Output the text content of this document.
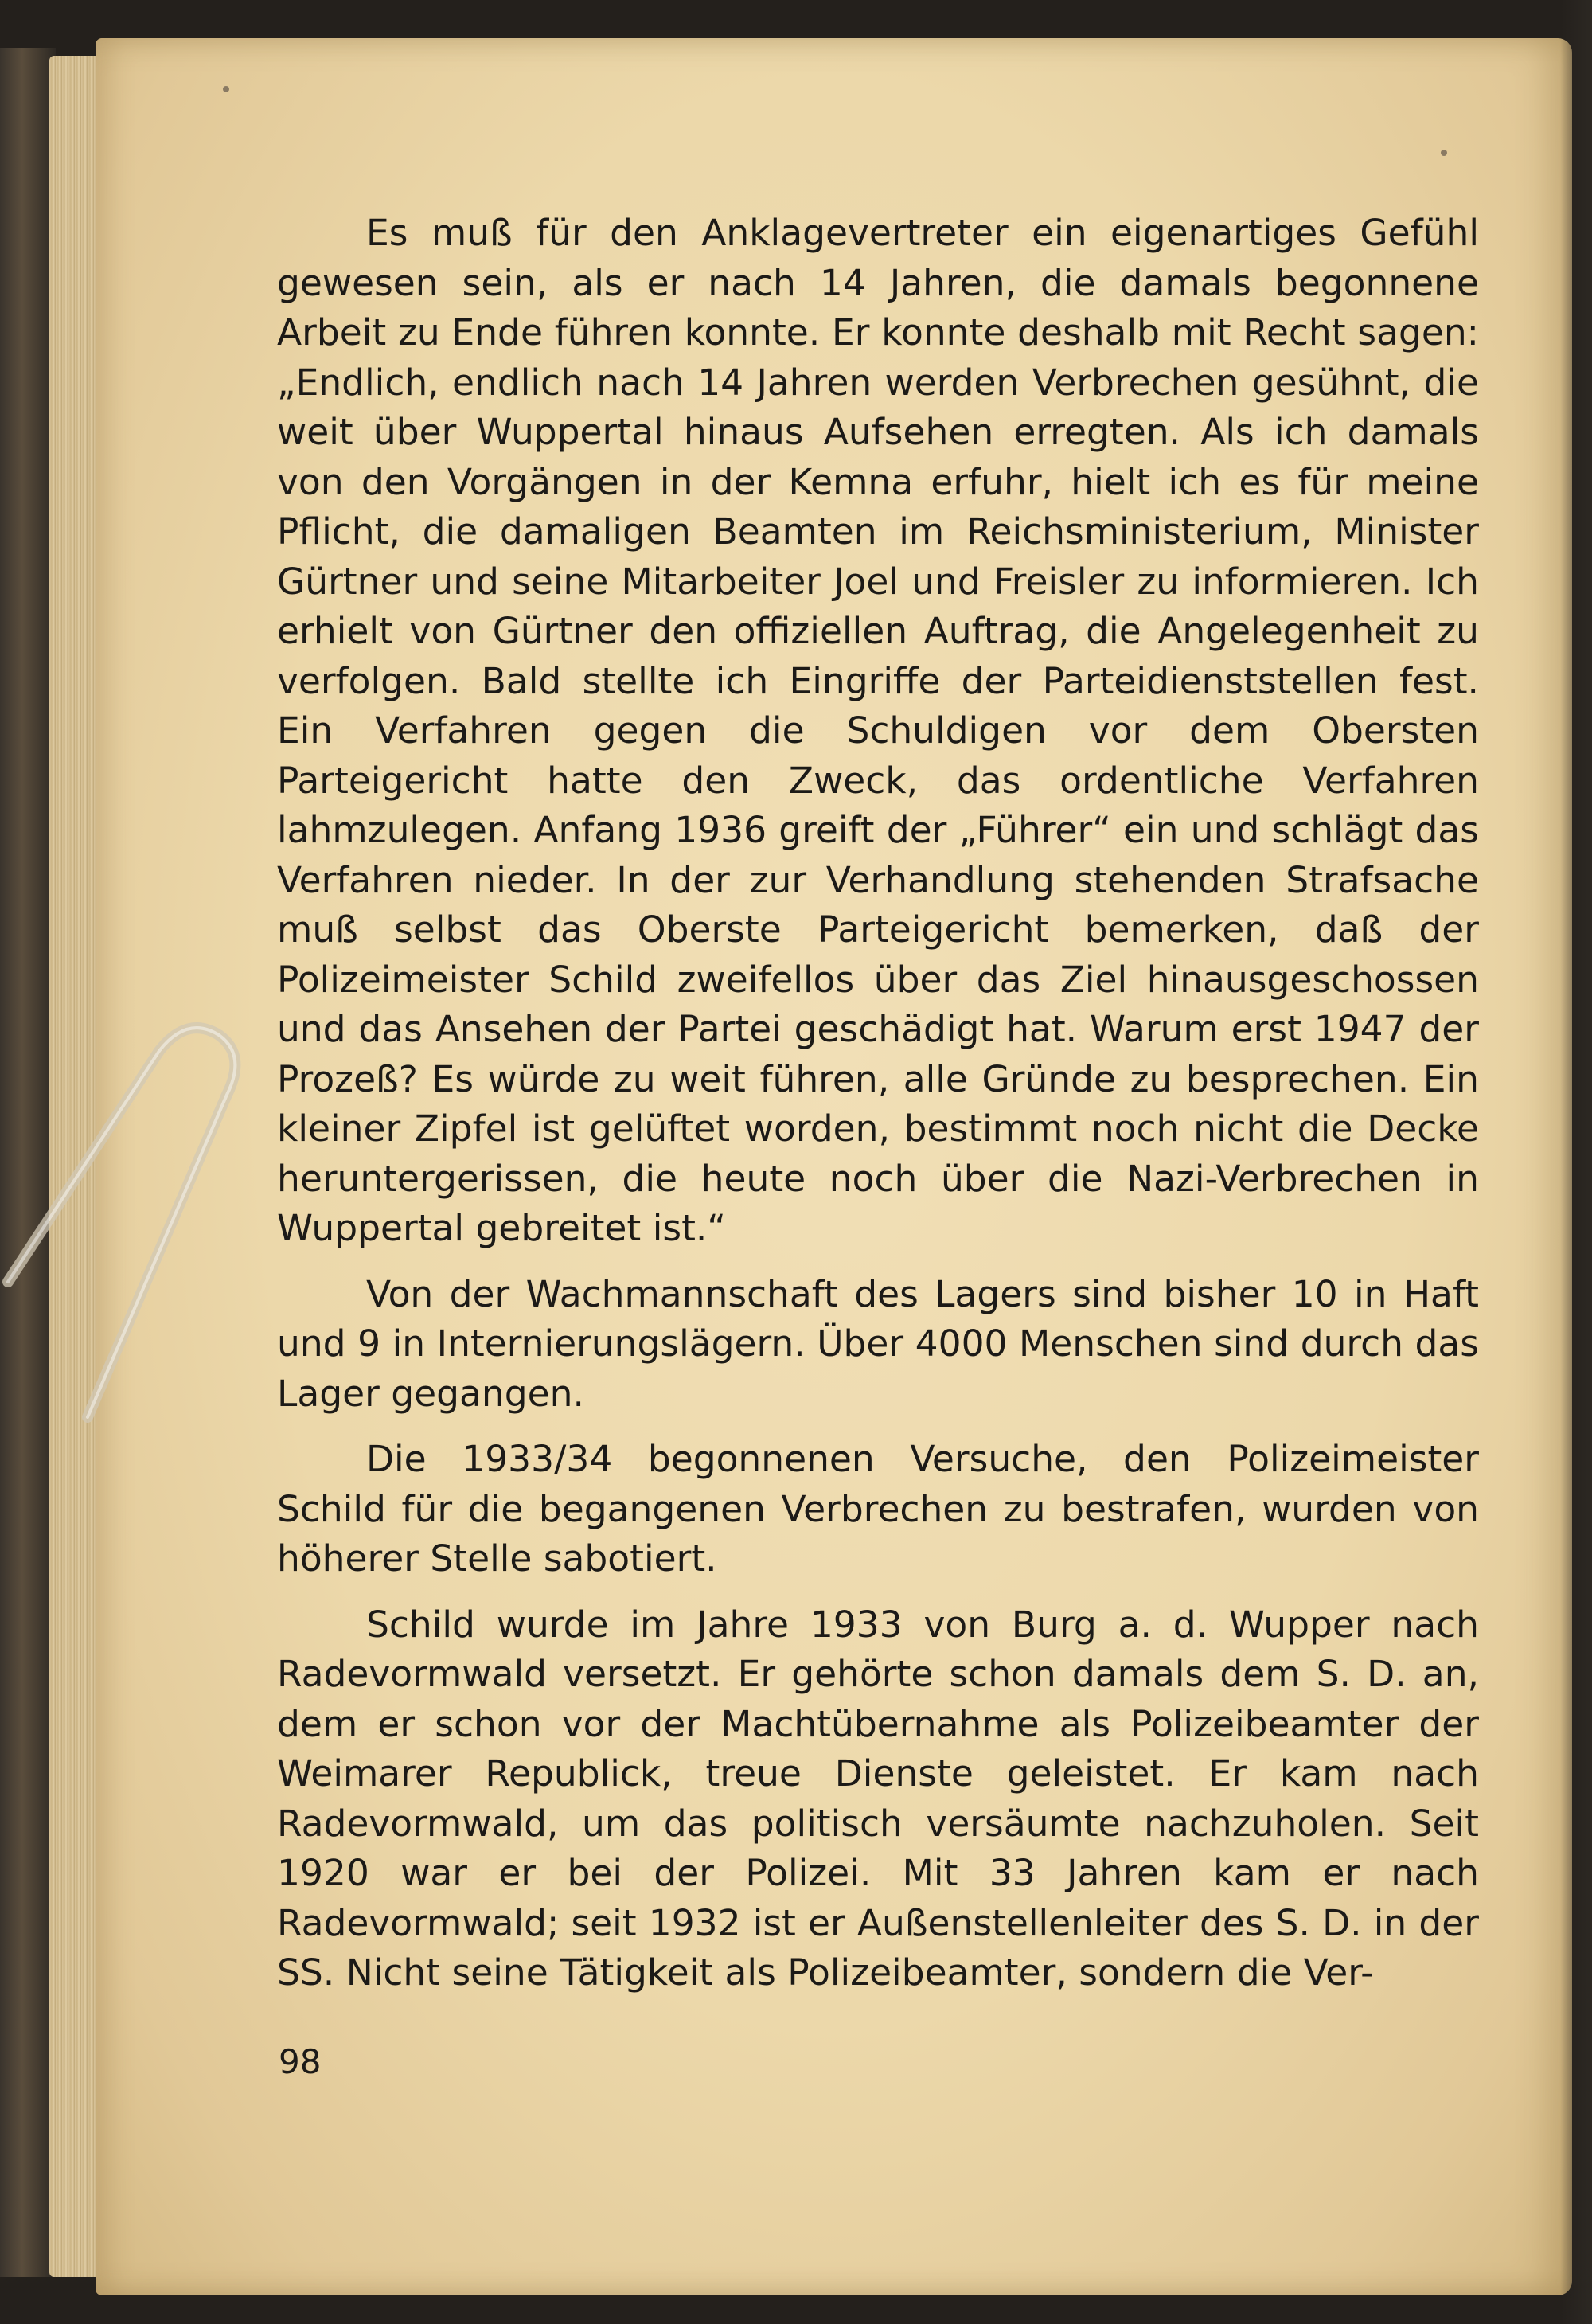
Es muß für den Anklagevertreter ein eigenartiges Gefühl gewesen sein, als er nach 14 Jahren, die damals begonnene Arbeit zu Ende führen konnte. Er konnte deshalb mit Recht sagen: „Endlich, endlich nach 14 Jahren werden Verbrechen gesühnt, die weit über Wuppertal hinaus Aufsehen erregten. Als ich damals von den Vorgängen in der Kemna erfuhr, hielt ich es für meine Pflicht, die damaligen Beamten im Reichsministerium, Minister Gürtner und seine Mitarbeiter Joel und Freisler zu informieren. Ich erhielt von Gürtner den offiziellen Auftrag, die Angelegenheit zu verfolgen. Bald stellte ich Eingriffe der Parteidienststellen fest. Ein Verfahren gegen die Schuldigen vor dem Obersten Parteigericht hatte den Zweck, das ordentliche Verfahren lahmzulegen. Anfang 1936 greift der „Führer“ ein und schlägt das Verfahren nieder. In der zur Verhandlung stehenden Strafsache muß selbst das Oberste Parteigericht bemerken, daß der Polizeimeister Schild zweifellos über das Ziel hinausgeschossen und das Ansehen der Partei geschädigt hat. Warum erst 1947 der Prozeß? Es würde zu weit führen, alle Gründe zu besprechen. Ein kleiner Zipfel ist gelüftet worden, bestimmt noch nicht die Decke heruntergerissen, die heute noch über die Nazi-Verbrechen in Wuppertal gebreitet ist.“

Von der Wachmannschaft des Lagers sind bisher 10 in Haft und 9 in Internierungslägern. Über 4000 Menschen sind durch das Lager gegangen.

Die 1933/34 begonnenen Versuche, den Polizeimeister Schild für die begangenen Verbrechen zu bestrafen, wurden von höherer Stelle sabotiert.

Schild wurde im Jahre 1933 von Burg a. d. Wupper nach Radevormwald versetzt. Er gehörte schon damals dem S. D. an, dem er schon vor der Machtübernahme als Polizeibeamter der Weimarer Republick, treue Dienste geleistet. Er kam nach Radevormwald, um das politisch versäumte nachzuholen. Seit 1920 war er bei der Polizei. Mit 33 Jahren kam er nach Radevormwald; seit 1932 ist er Außenstellenleiter des S. D. in der SS. Nicht seine Tätigkeit als Polizeibeamter, sondern die Ver-

98
